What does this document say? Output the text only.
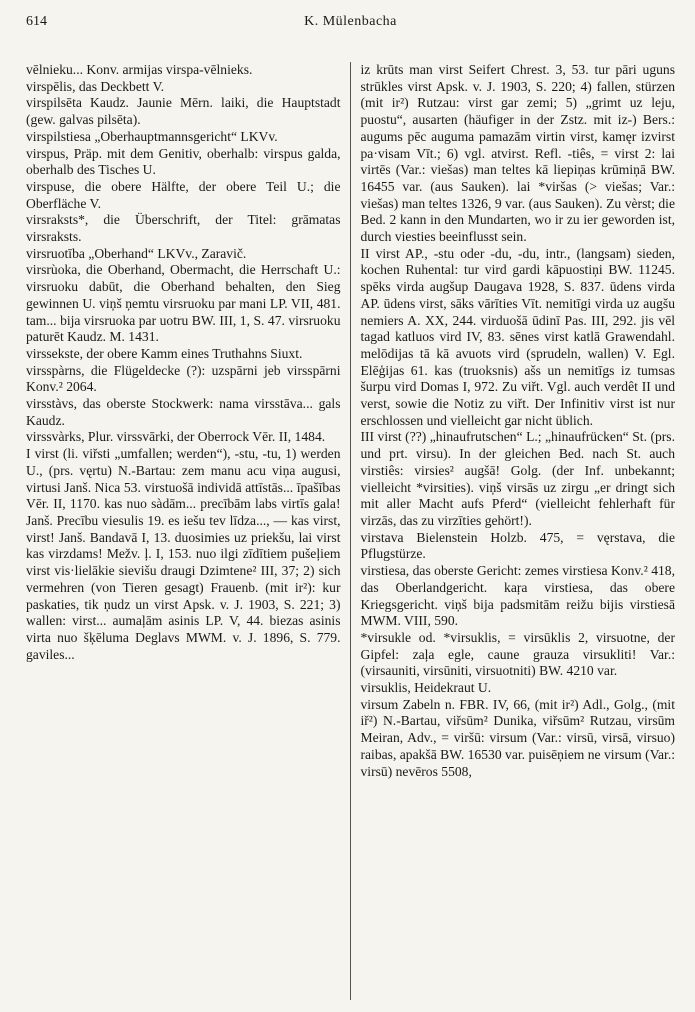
614	K. Mülenbacha

vēlnieku... Konv. armijas virspa-vēlnieks.

virspēlis, das Deckbett V.

virspilsēta Kaudz. Jaunie Mērn. laiki, die Hauptstadt (gew. galvas pilsēta).

virspilstiesa „Oberhauptmannsgericht“ LKVv.

virspus, Präp. mit dem Genitiv, oberhalb: virspus galda, oberhalb des Tisches U.

virspuse, die obere Hälfte, der obere Teil U.; die Oberfläche V.

virsraksts*, die Überschrift, der Titel: grāmatas virsraksts.

virsruotība „Oberhand“ LKVv., Zaravič.

virsrùoka, die Oberhand, Obermacht, die Herrschaft U.: virsruoku dabūt, die Oberhand behalten, den Sieg gewinnen U. viņš ņemtu virsruoku par mani LP. VII, 481. tam... bija virsruoka par uotru BW. III, 1, S. 47. virsruoku paturēt Kaudz. M. 1431.

virssekste, der obere Kamm eines Truthahns Siuxt.

virsspàrns, die Flügeldecke (?): uzspārni jeb virsspārni Konv.² 2064.

virsstàvs, das oberste Stockwerk: nama virsstāva... gals Kaudz.

virssvàrks, Plur. virssvārki, der Oberrock Vēr. II, 1484.

I virst (li. viřsti „umfallen; werden“), -stu, -tu, 1) werden U., (prs. vęrtu) N.-Bartau: zem manu acu viņa augusi, virtusi Janš. Nica 53. virstuošā individā attīstās... īpašības Vēr. II, 1170. kas nuo sàdām... precībām labs virtīs gala! Janš. Precību viesulis 19. es iešu tev līdza..., — kas virst, virst! Janš. Bandavā I, 13. duosimies uz priekšu, lai virst kas virzdams! Mežv. ļ. I, 153. nuo ilgi zīdītiem pušeļiem virst vis·lielākie sievišu draugi Dzimtene² III, 37; 2) sich vermehren (von Tieren gesagt) Frauenb. (mit ir²): kur paskaties, tik ņudz un virst Apsk. v. J. 1903, S. 221; 3) wallen: virst... aumaļām asinis LP. V, 44. biezas asinis virta nuo šķēluma Deglavs MWM. v. J. 1896, S. 779. gaviles...

iz krūts man virst Seifert Chrest. 3, 53. tur pāri uguns strūkles virst Apsk. v. J. 1903, S. 220; 4) fallen, stürzen (mit ir²) Rutzau: virst gar zemi; 5) „grimt uz leju, puostu“, ausarten (häufiger in der Zstz. mit iz-) Bers.: augums pēc auguma pamazām virtin virst, kamęr izvirst pa·visam Vīt.; 6) vgl. atvirst. Refl. -tiês, = virst 2: lai virtēs (Var.: viešas) man teltes kā liepiņas krūmiņā BW. 16455 var. (aus Sauken). lai *viršas (> viešas; Var.: viešas) man teltes 1326, 9 var. (aus Sauken). Zu vèrst; die Bed. 2 kann in den Mundarten, wo ir zu ier geworden ist, durch viesties beeinflusst sein.

II virst AP., -stu oder -du, -du, intr., (langsam) sieden, kochen Ruhental: tur vird gardi kāpuostiņi BW. 11245. spēks virda augšup Daugava 1928, S. 837. ūdens virda AP. ūdens virst, sāks vārīties Vīt. nemitīgi virda uz augšu nemiers A. XX, 244. virduošā ūdinī Pas. III, 292. jis vēl tagad katluos vird IV, 83. sēnes virst katlā Grawendahl. melōdijas tā kā avuots vird (sprudeln, wallen) V. Egl. Elēģijas 61. kas (truoksnis) ašs un nemitīgs iz tumsas šurpu vird Domas I, 972. Zu viřt. Vgl. auch verdêt II und verst, sowie die Notiz zu viřt. Der Infinitiv virst ist nur erschlossen und vielleicht gar nicht üblich.

III virst (??) „hinaufrutschen“ L.; „hinaufrücken“ St. (prs. und prt. virsu). In der gleichen Bed. nach St. auch virstiês: virsies² augšā! Golg. (der Inf. unbekannt; vielleicht *virsities). viņš virsās uz zirgu „er dringt sich mit aller Macht aufs Pferd“ (vielleicht fehlerhaft für virzās, das zu virzīties gehört!).

virstava Bielenstein Holzb. 475, = vęrstava, die Pflugstürze.

virstiesa, das oberste Gericht: zemes virstiesa Konv.² 418, das Oberlandgericht. kaŗa virstiesa, das obere Kriegsgericht. viņš bija padsmitām reižu bijis virstiesā MWM. VIII, 590.

*virsukle od. *virsuklis, = virsūklis 2, virsuotne, der Gipfel: zaļa egle, caune grauza virsukliti! Var.: (virsauniti, virsūniti, virsuotniti) BW. 4210 var.

virsuklis, Heidekraut U.

virsum Zabeln n. FBR. IV, 66, (mit ir²) Adl., Golg., (mit iř²) N.-Bartau, viřsūm² Dunika, viřsūm² Rutzau, virsūm Meiran, Adv., = viršū: virsum (Var.: virsū, virsā, virsuo) raibas, apakšā BW. 16530 var. puisēņiem ne virsum (Var.: virsū) nevēros 5508,
